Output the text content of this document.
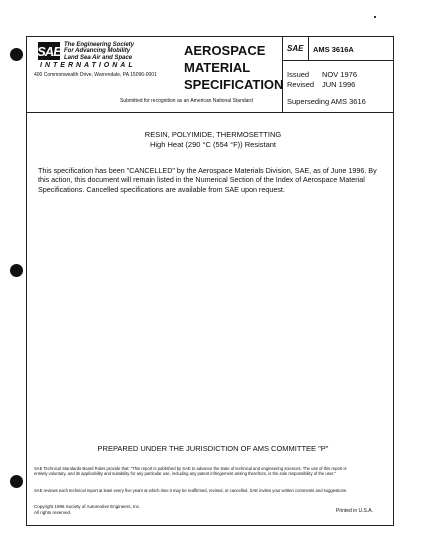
SAE The Engineering Society
For Advancing Mobility
Land Sea Air and Space
INTERNATIONAL
400 Commonwealth Drive, Warrendale, PA 15096-0001
AEROSPACE
MATERIAL
SPECIFICATION
Submitted for recognition as an American National Standard
SAE AMS 3616A
Issued NOV 1976
Revised JUN 1996
Superseding AMS 3616
RESIN, POLYIMIDE, THERMOSETTING
High Heat (290 °C (554 °F)) Resistant
This specification has been "CANCELLED" by the Aerospace Materials Division, SAE, as of June 1996. By this action, this document will remain listed in the Numerical Section of the Index of Aerospace Material Specifications. Cancelled specifications are available from SAE upon request.
PREPARED UNDER THE JURISDICTION OF AMS COMMITTEE "P"
SAE Technical Standards Board Rules provide that: "This report is published by SAE to advance the state of technical and engineering sciences. The use of this report is entirely voluntary, and its applicability and suitability for any particular use, including any patent infringement arising therefrom, is the sole responsibility of the user."
SAE reviews each technical report at least every five years at which time it may be reaffirmed, revised, or cancelled. SAE invites your written comments and suggestions.
Copyright 1996 Society of Automotive Engineers, Inc.
All rights reserved.	Printed in U.S.A.
